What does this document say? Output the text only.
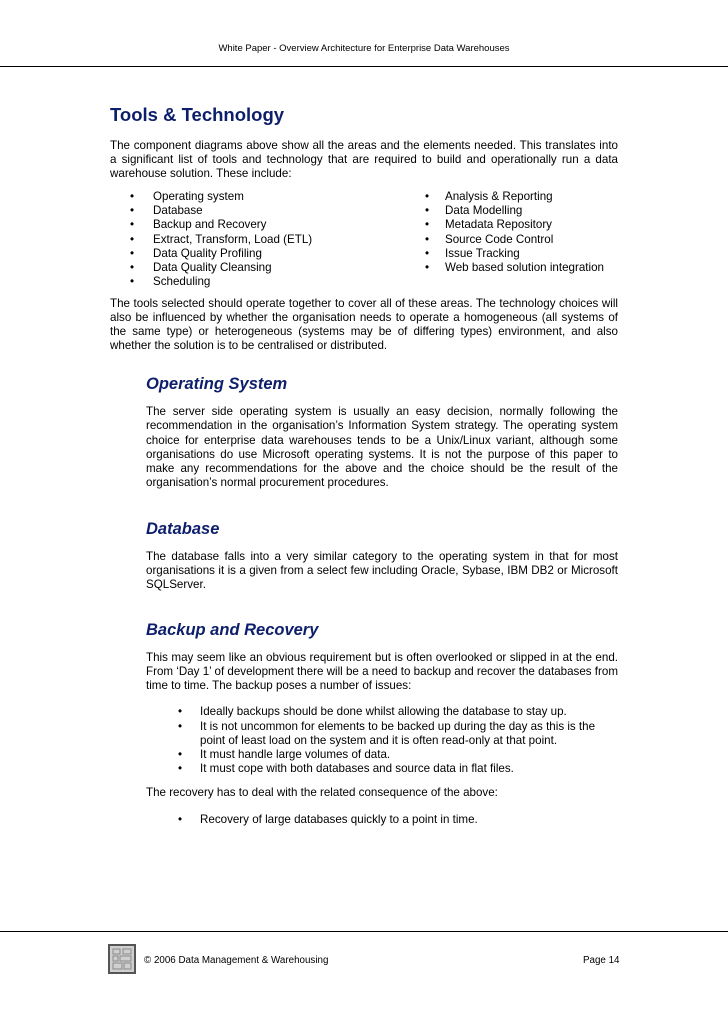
White Paper - Overview Architecture for Enterprise Data Warehouses
Tools & Technology

The component diagrams above show all the areas and the elements needed. This translates into a significant list of tools and technology that are required to build and operationally run a data warehouse solution. These include:

• Operating system
• Database
• Backup and Recovery
• Extract, Transform, Load (ETL)
• Data Quality Profiling
• Data Quality Cleansing
• Scheduling
• Analysis & Reporting
• Data Modelling
• Metadata Repository
• Source Code Control
• Issue Tracking
• Web based solution integration

The tools selected should operate together to cover all of these areas. The technology choices will also be influenced by whether the organisation needs to operate a homogeneous (all systems of the same type) or heterogeneous (systems may be of differing types) environment, and also whether the solution is to be centralised or distributed.

Operating System

The server side operating system is usually an easy decision, normally following the recommendation in the organisation’s Information System strategy. The operating system choice for enterprise data warehouses tends to be a Unix/Linux variant, although some organisations do use Microsoft operating systems. It is not the purpose of this paper to make any recommendations for the above and the choice should be the result of the organisation’s normal procurement procedures.

Database

The database falls into a very similar category to the operating system in that for most organisations it is a given from a select few including Oracle, Sybase, IBM DB2 or Microsoft SQLServer.

Backup and Recovery

This may seem like an obvious requirement but is often overlooked or slipped in at the end. From ‘Day 1’ of development there will be a need to backup and recover the databases from time to time. The backup poses a number of issues:

•	Ideally backups should be done whilst allowing the database to stay up.
•	It is not uncommon for elements to be backed up during the day as this is the point of least load on the system and it is often read-only at that point.
•	It must handle large volumes of data.
•	It must cope with both databases and source data in flat files.

The recovery has to deal with the related consequence of the above:

•	Recovery of large databases quickly to a point in time.
© 2006 Data Management & Warehousing	Page 14
